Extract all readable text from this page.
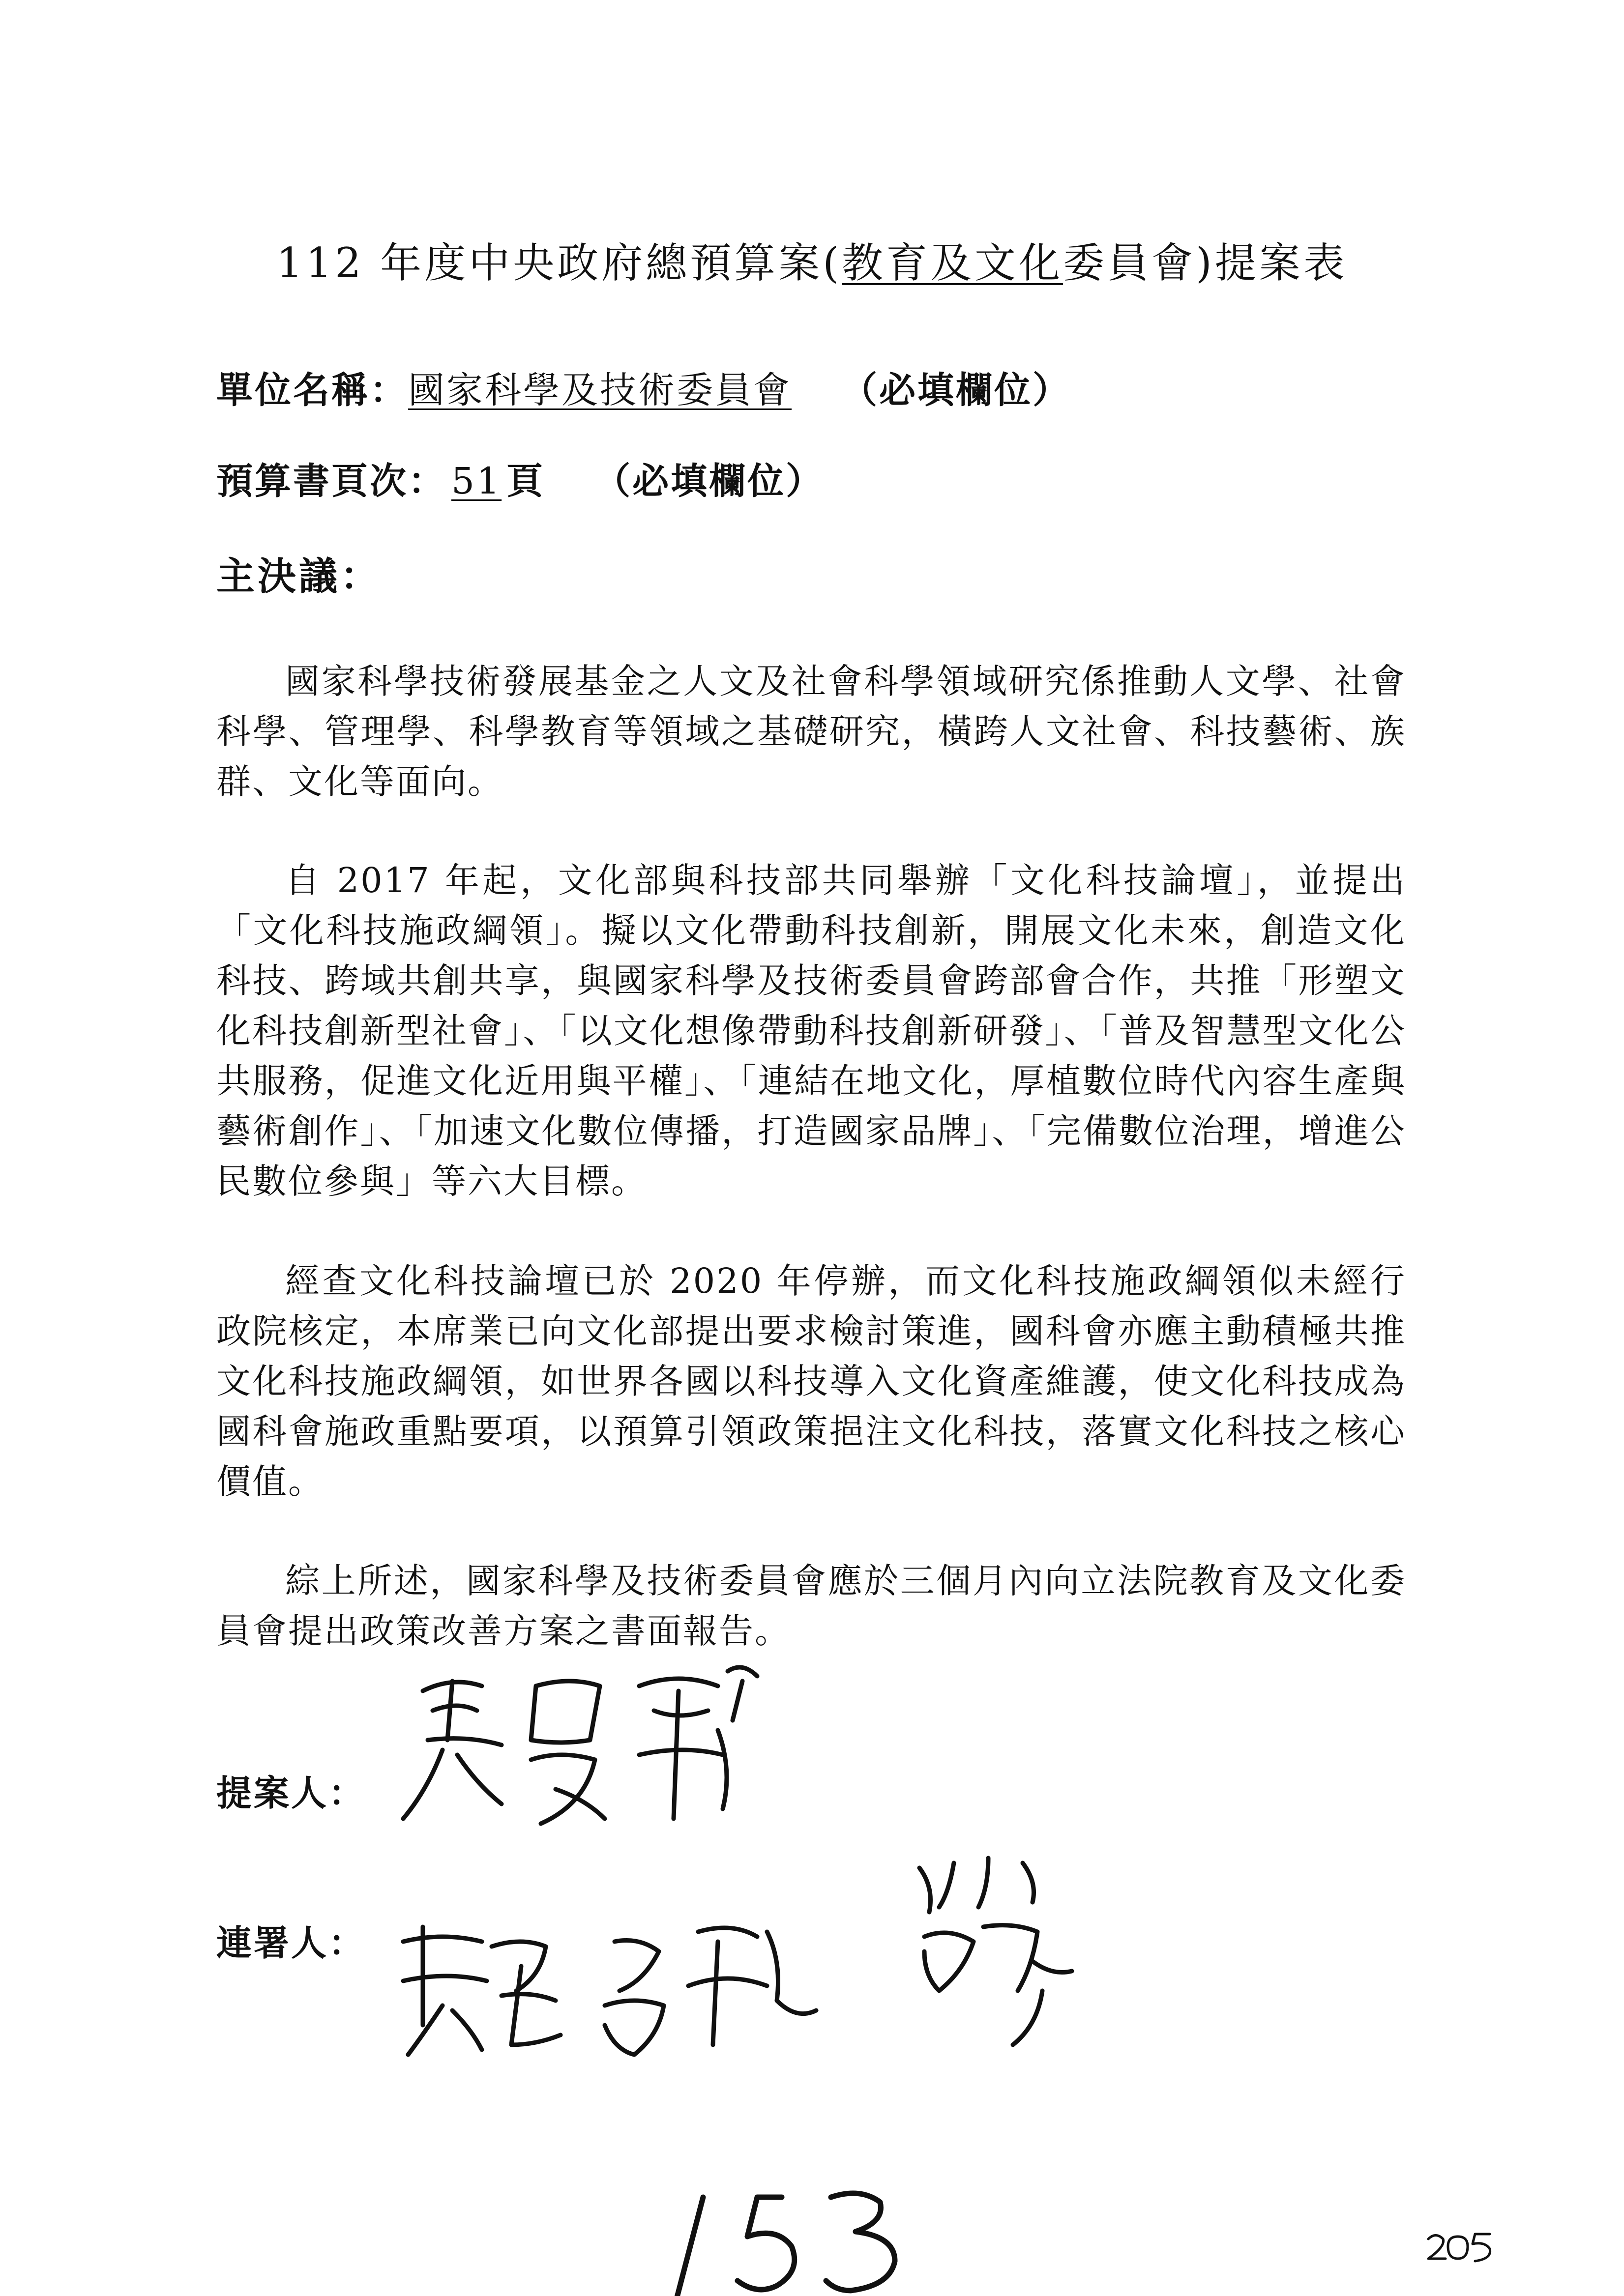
112 年度中央政府總預算案(教育及文化委員會)提案表
單位名稱：國家科學及技術委員會 （必填欄位）
預算書頁次： 51 頁 （必填欄位）
主決議：
國家科學技術發展基金之人文及社會科學領域研究係推動人文學、社會科學、管理學、科學教育等領域之基礎研究，橫跨人文社會、科技藝術、族群、文化等面向。
自 2017 年起，文化部與科技部共同舉辦「文化科技論壇」，並提出「文化科技施政綱領」。擬以文化帶動科技創新，開展文化未來，創造文化科技、跨域共創共享，與國家科學及技術委員會跨部會合作，共推「形塑文化科技創新型社會」、「以文化想像帶動科技創新研發」、「普及智慧型文化公共服務，促進文化近用與平權」、「連結在地文化，厚植數位時代內容生產與藝術創作」、「加速文化數位傳播，打造國家品牌」、「完備數位治理，增進公民數位參與」等六大目標。
經查文化科技論壇已於 2020 年停辦，而文化科技施政綱領似未經行政院核定，本席業已向文化部提出要求檢討策進，國科會亦應主動積極共推文化科技施政綱領，如世界各國以科技導入文化資產維護，使文化科技成為國科會施政重點要項，以預算引領政策挹注文化科技，落實文化科技之核心價值。
綜上所述，國家科學及技術委員會應於三個月內向立法院教育及文化委員會提出政策改善方案之書面報告。
提案人：
連署人：
